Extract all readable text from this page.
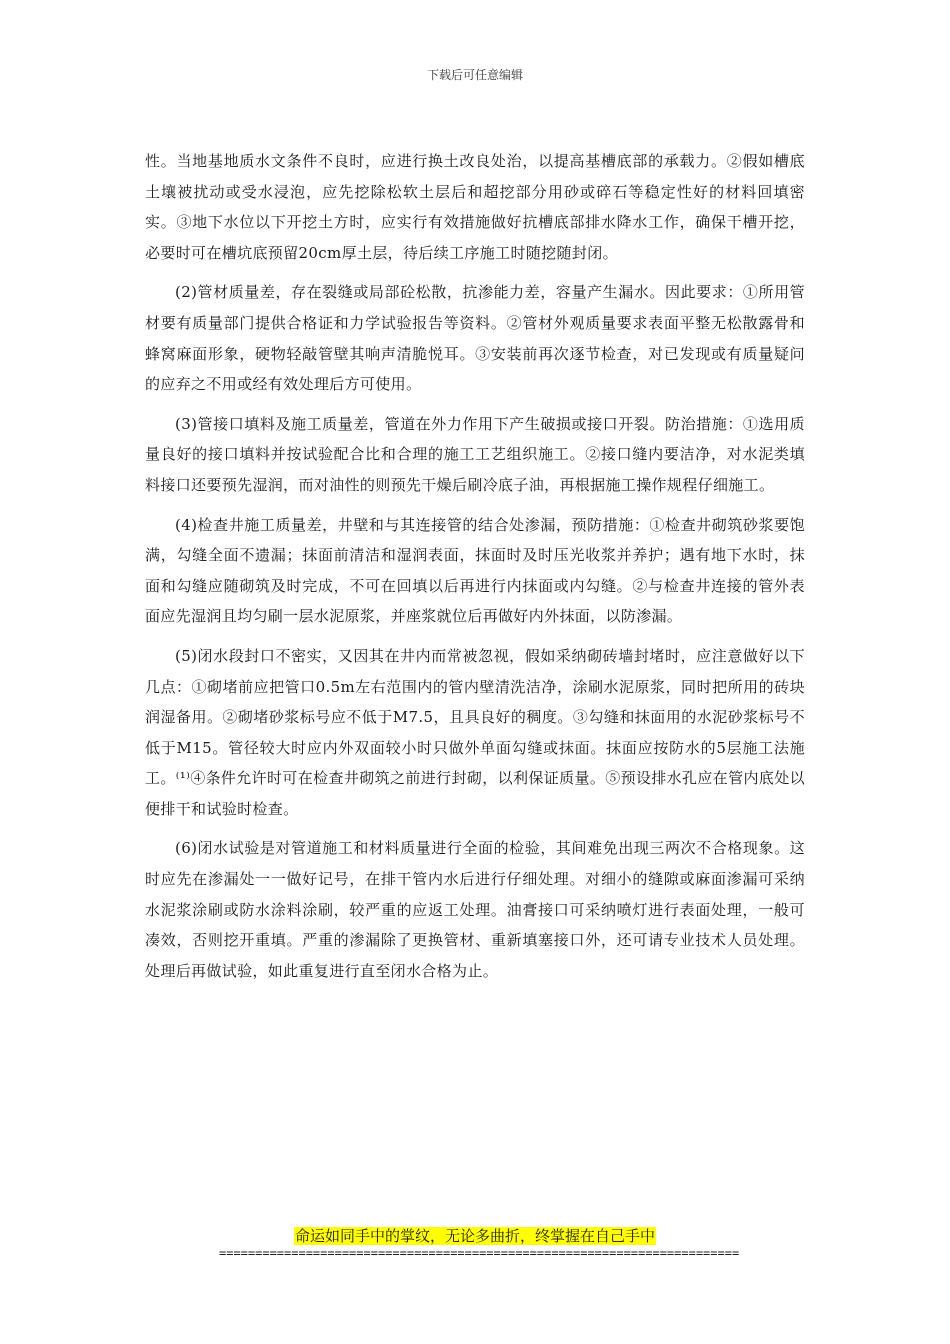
下载后可任意编辑

性。当地基地质水文条件不良时，应进行换土改良处治，以提高基槽底部的承载力。②假如槽底土壤被扰动或受水浸泡，应先挖除松软土层后和超挖部分用砂或碎石等稳定性好的材料回填密实。③地下水位以下开挖土方时，应实行有效措施做好抗槽底部排水降水工作，确保干槽开挖，必要时可在槽坑底预留20cm厚土层，待后续工序施工时随挖随封闭。

(2)管材质量差，存在裂缝或局部砼松散，抗渗能力差，容量产生漏水。因此要求：①所用管材要有质量部门提供合格证和力学试验报告等资料。②管材外观质量要求表面平整无松散露骨和蜂窝麻面形象，硬物轻敲管壁其响声清脆悦耳。③安装前再次逐节检查，对已发现或有质量疑问的应弃之不用或经有效处理后方可使用。

(3)管接口填料及施工质量差，管道在外力作用下产生破损或接口开裂。防治措施：①选用质量良好的接口填料并按试验配合比和合理的施工工艺组织施工。②接口缝内要洁净，对水泥类填料接口还要预先湿润，而对油性的则预先干燥后刷冷底子油，再根据施工操作规程仔细施工。

(4)检查井施工质量差，井壁和与其连接管的结合处渗漏，预防措施：①检查井砌筑砂浆要饱满，勾缝全面不遗漏；抹面前清洁和湿润表面，抹面时及时压光收浆并养护；遇有地下水时，抹面和勾缝应随砌筑及时完成，不可在回填以后再进行内抹面或内勾缝。②与检查井连接的管外表面应先湿润且均匀刷一层水泥原浆，并座浆就位后再做好内外抹面，以防渗漏。

(5)闭水段封口不密实，又因其在井内而常被忽视，假如采纳砌砖墙封堵时，应注意做好以下几点：①砌堵前应把管口0.5m左右范围内的管内壁清洗洁净，涂刷水泥原浆，同时把所用的砖块润湿备用。②砌堵砂浆标号应不低于M7.5，且具良好的稠度。③勾缝和抹面用的水泥砂浆标号不低于M15。管径较大时应内外双面较小时只做外单面勾缝或抹面。抹面应按防水的5层施工法施工。⁽¹⁾④条件允许时可在检查井砌筑之前进行封砌，以利保证质量。⑤预设排水孔应在管内底处以便排干和试验时检查。

(6)闭水试验是对管道施工和材料质量进行全面的检验，其间难免出现三两次不合格现象。这时应先在渗漏处一一做好记号，在排干管内水后进行仔细处理。对细小的缝隙或麻面渗漏可采纳水泥浆涂刷或防水涂料涂刷，较严重的应返工处理。油膏接口可采纳喷灯进行表面处理，一般可凑效，否则挖开重填。严重的渗漏除了更换管材、重新填塞接口外，还可请专业技术人员处理。处理后再做试验，如此重复进行直至闭水合格为止。

命运如同手中的掌纹，无论多曲折，终掌握在自己手中
========================================================================
